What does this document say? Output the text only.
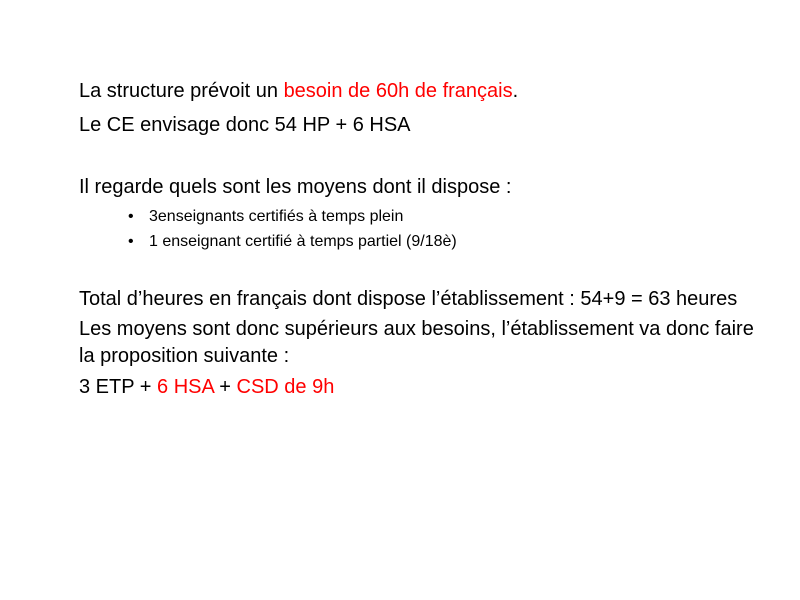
La structure prévoit un besoin de 60h de français.

Le CE envisage donc 54 HP + 6 HSA

Il regarde quels sont les moyens dont il dispose :

• 3enseignants certifiés à temps plein
• 1 enseignant certifié à temps partiel (9/18è)

Total d’heures en français dont dispose l’établissement : 54+9 = 63 heures

Les moyens sont donc supérieurs aux besoins, l’établissement va donc faire la proposition suivante :

3 ETP + 6 HSA + CSD de 9h
